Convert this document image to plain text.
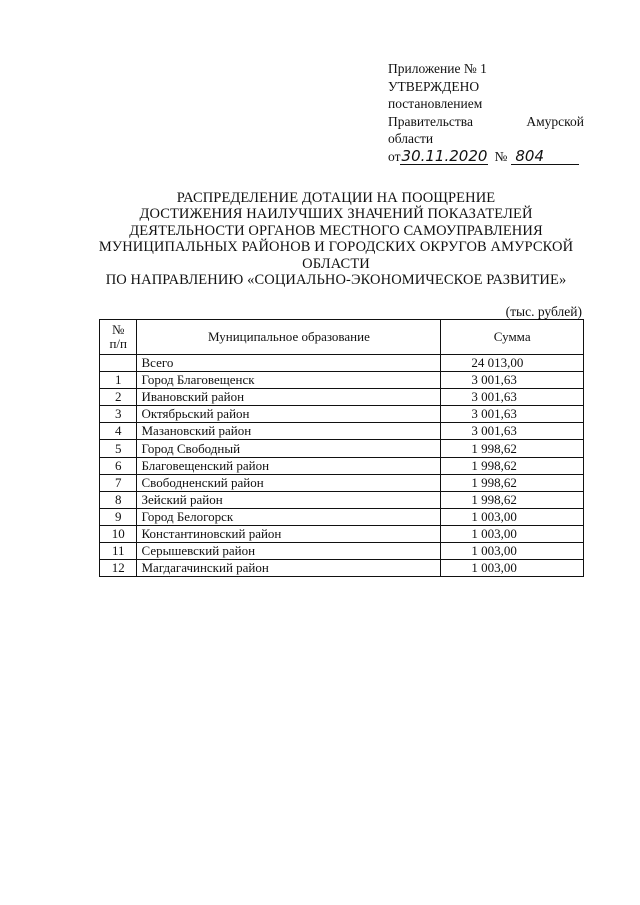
Приложение № 1
УТВЕРЖДЕНО
постановлением
Правительства	Амурской
области
от 30.11.2020 № 804
РАСПРЕДЕЛЕНИЕ ДОТАЦИИ НА ПООЩРЕНИЕ
ДОСТИЖЕНИЯ НАИЛУЧШИХ ЗНАЧЕНИЙ ПОКАЗАТЕЛЕЙ
ДЕЯТЕЛЬНОСТИ ОРГАНОВ МЕСТНОГО САМОУПРАВЛЕНИЯ
МУНИЦИПАЛЬНЫХ РАЙОНОВ И ГОРОДСКИХ ОКРУГОВ АМУРСКОЙ
ОБЛАСТИ
ПО НАПРАВЛЕНИЮ «СОЦИАЛЬНО-ЭКОНОМИЧЕСКОЕ РАЗВИТИЕ»
(тыс. рублей)
№
п/п	Муниципальное образование	Сумма
	Всего	24 013,00
1	Город Благовещенск	3 001,63
2	Ивановский район	3 001,63
3	Октябрьский район	3 001,63
4	Мазановский район	3 001,63
5	Город Свободный	1 998,62
6	Благовещенский район	1 998,62
7	Свободненский район	1 998,62
8	Зейский район	1 998,62
9	Город Белогорск	1 003,00
10	Константиновский район	1 003,00
11	Серышевский район	1 003,00
12	Магдагачинский район	1 003,00
